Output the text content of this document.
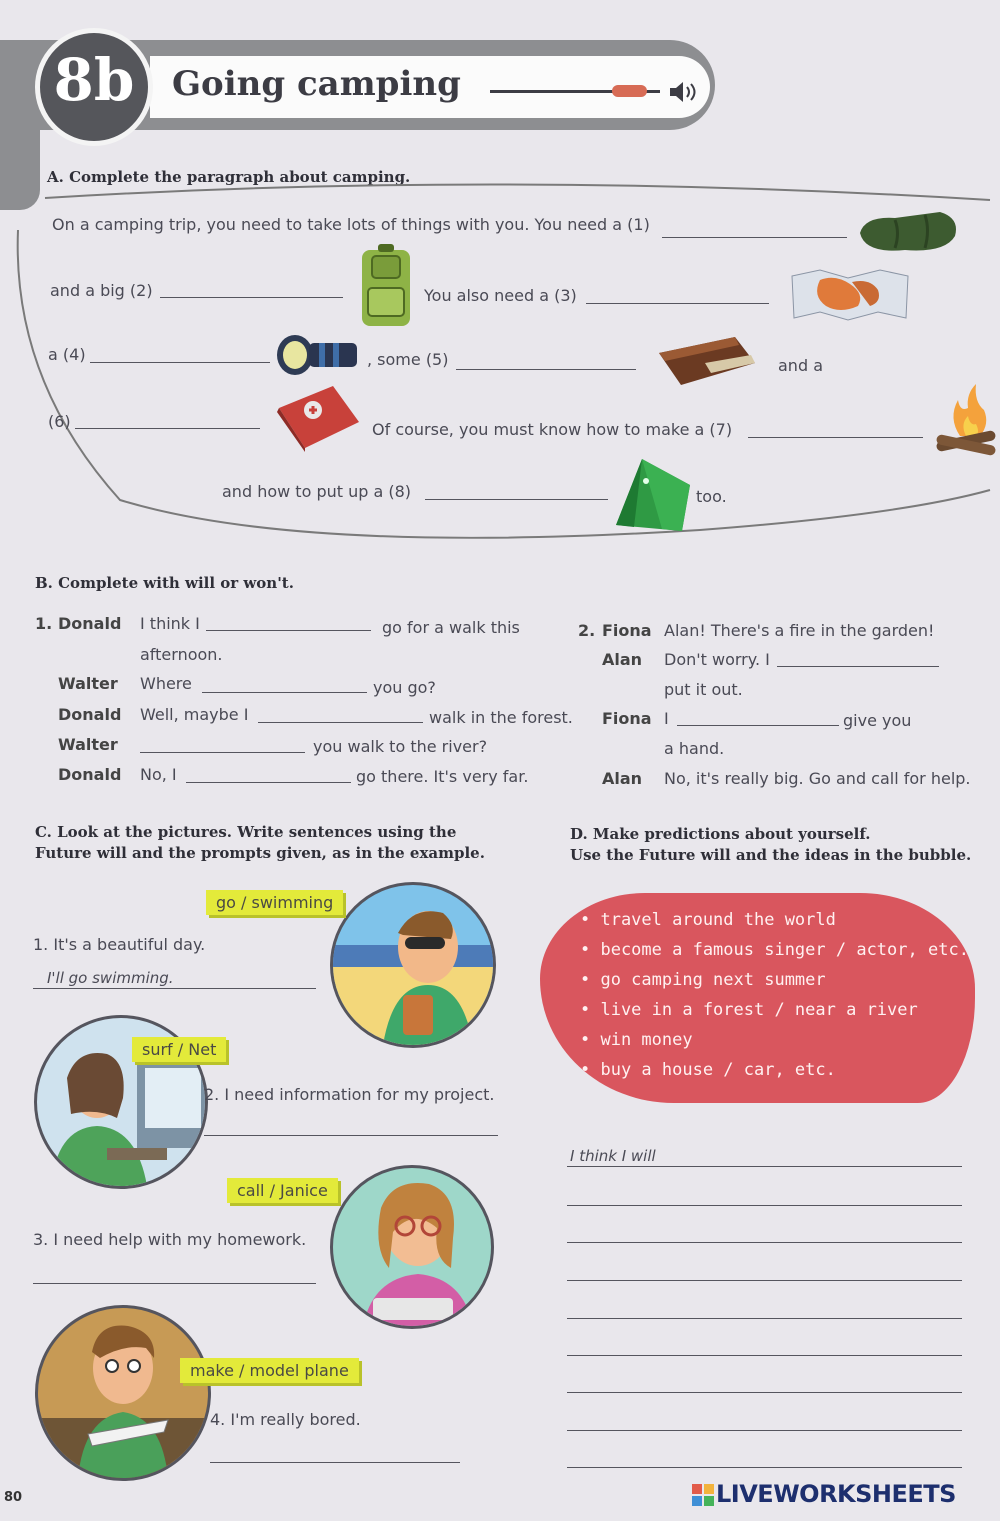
8b	Going camping
A. Complete the paragraph about camping.
On a camping trip, you need to take lots of things with you. You need a (1)
and a big (2)	You also need a (3)
a (4)	, some (5)	and a
(6)	Of course, you must know how to make a (7)
and how to put up a (8)	too.
B. Complete with will or won't.
1. Donald I think I	go for a walk this
afternoon.
Walter Where	you go?
Donald Well, maybe I	walk in the forest.
Walter	you walk to the river?
Donald No, I	go there. It's very far.
2. Fiona Alan! There's a fire in the garden!
Alan Don't worry. I
put it out.
Fiona I	give you
a hand.
Alan No, it's really big. Go and call for help.
C. Look at the pictures. Write sentences using the
Future will and the prompts given, as in the example.
go / swimming
1. It's a beautiful day.
I'll go swimming.
surf / Net
2. I need information for my project.
call / Janice
3. I need help with my homework.
make / model plane
4. I'm really bored.
D. Make predictions about yourself.
Use the Future will and the ideas in the bubble.
• travel around the world
• become a famous singer / actor, etc.
• go camping next summer
• live in a forest / near a river
• win money
• buy a house / car, etc.
I think I will
80	LIVEWORKSHEETS
